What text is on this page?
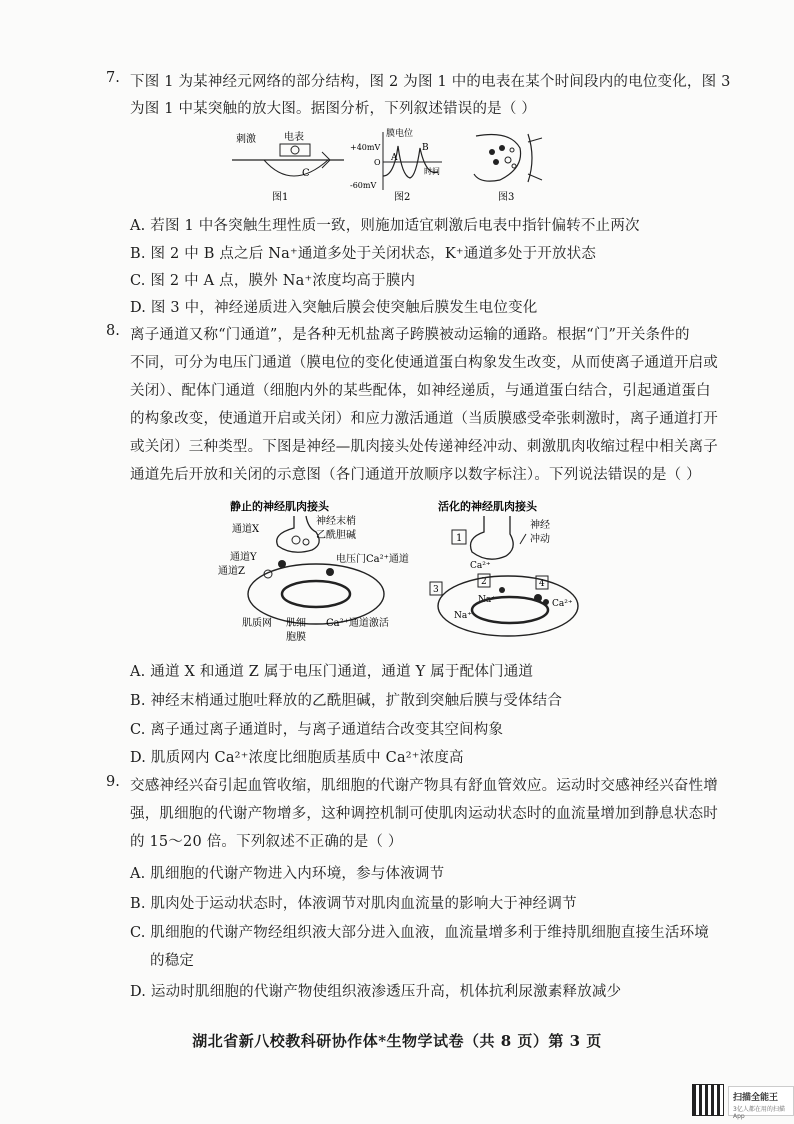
7. 下图 1 为某神经元网络的部分结构，图 2 为图 1 中的电表在某个时间段内的电位变化，图 3
为图 1 中某突触的放大图。据图分析，下列叙述错误的是（ ）
刺激	电表
C
图1
膜电位
+40mV
O
-60mV
A
B
时间
图2	图3
A. 若图 1 中各突触生理性质一致，则施加适宜刺激后电表中指针偏转不止两次
B. 图 2 中 B 点之后 Na⁺通道多处于关闭状态，K⁺通道多处于开放状态
C. 图 2 中 A 点，膜外 Na⁺浓度均高于膜内
D. 图 3 中，神经递质进入突触后膜会使突触后膜发生电位变化
8. 离子通道又称“门通道”，是各种无机盐离子跨膜被动运输的通路。根据“门”开关条件的
不同，可分为电压门通道（膜电位的变化使通道蛋白构象发生改变，从而使离子通道开启或
关闭）、配体门通道（细胞内外的某些配体，如神经递质，与通道蛋白结合，引起通道蛋白
的构象改变，使通道开启或关闭）和应力激活通道（当质膜感受牵张刺激时，离子通道打开
或关闭）三种类型。下图是神经—肌肉接头处传递神经冲动、刺激肌肉收缩过程中相关离子
通道先后开放和关闭的示意图（各门通道开放顺序以数字标注）。下列说法错误的是（ ）
静止的神经肌肉接头
通道X
神经末梢
乙酰胆碱
通道Y
通道Z
电压门Ca²⁺通道
肌质网 肌细
胞膜
Ca²⁺通道激活
活化的神经肌肉接头
1
神经
冲动
Ca²⁺
2
3
4
Na⁺
Na⁺
Ca²⁺
A. 通道 X 和通道 Z 属于电压门通道，通道 Y 属于配体门通道
B. 神经末梢通过胞吐释放的乙酰胆碱，扩散到突触后膜与受体结合
C. 离子通过离子通道时，与离子通道结合改变其空间构象
D. 肌质网内 Ca²⁺浓度比细胞质基质中 Ca²⁺浓度高
9. 交感神经兴奋引起血管收缩，肌细胞的代谢产物具有舒血管效应。运动时交感神经兴奋性增
强，肌细胞的代谢产物增多，这种调控机制可使肌肉运动状态时的血流量增加到静息状态时
的 15～20 倍。下列叙述不正确的是（ ）
A. 肌细胞的代谢产物进入内环境，参与体液调节
B. 肌肉处于运动状态时，体液调节对肌肉血流量的影响大于神经调节
C. 肌细胞的代谢产物经组织液大部分进入血液，血流量增多利于维持肌细胞直接生活环境
的稳定
D. 运动时肌细胞的代谢产物使组织液渗透压升高，机体抗利尿激素释放减少
湖北省新八校教科研协作体*生物学试卷（共 8 页）第 3 页
扫描全能王
3亿人都在用的扫描App
